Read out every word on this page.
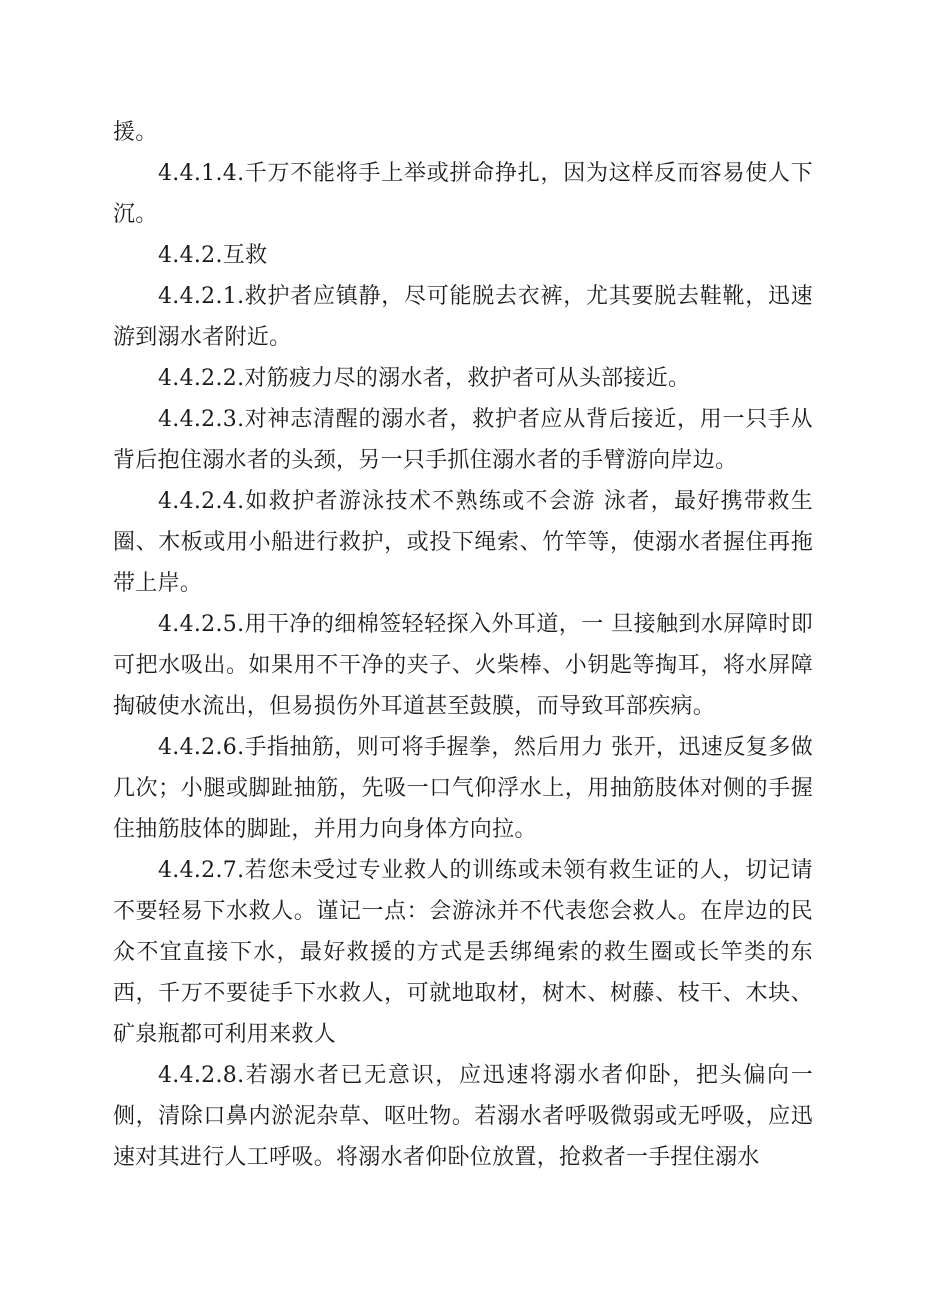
援。

4.4.1.4.千万不能将手上举或拼命挣扎，因为这样反而容易使人下沉。

4.4.2.互救

4.4.2.1.救护者应镇静，尽可能脱去衣裤，尤其要脱去鞋靴，迅速游到溺水者附近。

4.4.2.2.对筋疲力尽的溺水者，救护者可从头部接近。

4.4.2.3.对神志清醒的溺水者，救护者应从背后接近，用一只手从背后抱住溺水者的头颈，另一只手抓住溺水者的手臂游向岸边。

4.4.2.4.如救护者游泳技术不熟练或不会游 泳者，最好携带救生圈、木板或用小船进行救护，或投下绳索、竹竿等，使溺水者握住再拖带上岸。

4.4.2.5.用干净的细棉签轻轻探入外耳道，一 旦接触到水屏障时即可把水吸出。如果用不干净的夹子、火柴棒、小钥匙等掏耳，将水屏障掏破使水流出，但易损伤外耳道甚至鼓膜，而导致耳部疾病。

4.4.2.6.手指抽筋，则可将手握拳，然后用力 张开，迅速反复多做几次；小腿或脚趾抽筋，先吸一口气仰浮水上，用抽筋肢体对侧的手握住抽筋肢体的脚趾，并用力向身体方向拉。

4.4.2.7.若您未受过专业救人的训练或未领有救生证的人，切记请不要轻易下水救人。谨记一点：会游泳并不代表您会救人。在岸边的民众不宜直接下水，最好救援的方式是丢绑绳索的救生圈或长竿类的东西，千万不要徒手下水救人，可就地取材，树木、树藤、枝干、木块、矿泉瓶都可利用来救人

4.4.2.8.若溺水者已无意识，应迅速将溺水者仰卧，把头偏向一侧，清除口鼻内淤泥杂草、呕吐物。若溺水者呼吸微弱或无呼吸，应迅速对其进行人工呼吸。将溺水者仰卧位放置，抢救者一手捏住溺水
